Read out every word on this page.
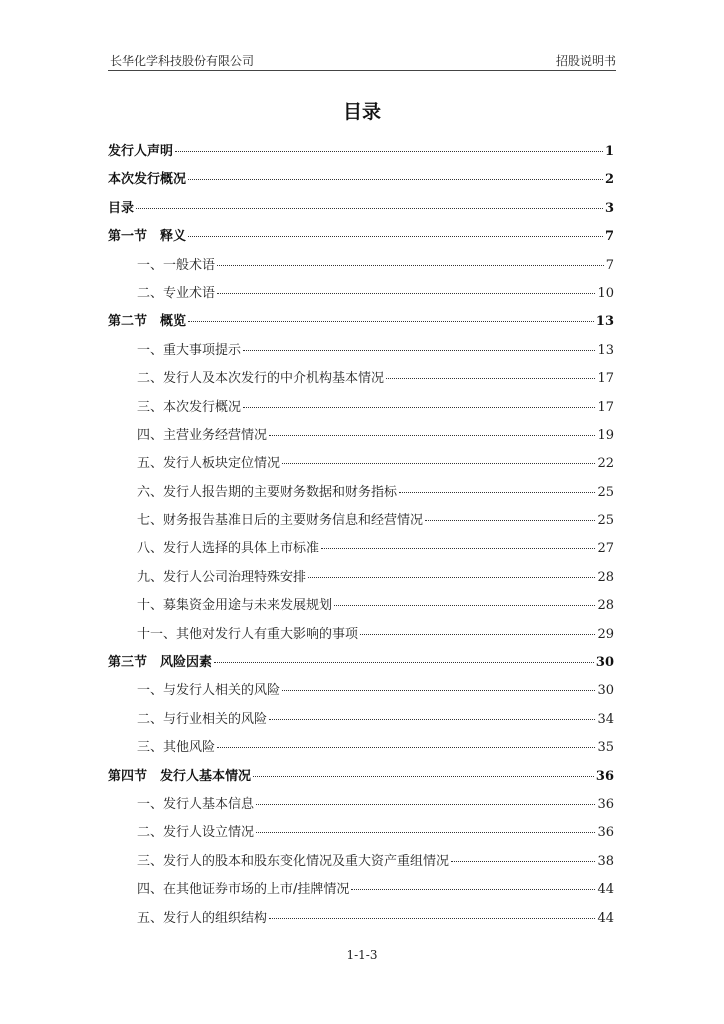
长华化学科技股份有限公司	招股说明书
目录
发行人声明	1
本次发行概况	2
目录	3
第一节　释义	7
一、一般术语	7
二、专业术语	10
第二节　概览	13
一、重大事项提示	13
二、发行人及本次发行的中介机构基本情况	17
三、本次发行概况	17
四、主营业务经营情况	19
五、发行人板块定位情况	22
六、发行人报告期的主要财务数据和财务指标	25
七、财务报告基准日后的主要财务信息和经营情况	25
八、发行人选择的具体上市标准	27
九、发行人公司治理特殊安排	28
十、募集资金用途与未来发展规划	28
十一、其他对发行人有重大影响的事项	29
第三节　风险因素	30
一、与发行人相关的风险	30
二、与行业相关的风险	34
三、其他风险	35
第四节　发行人基本情况	36
一、发行人基本信息	36
二、发行人设立情况	36
三、发行人的股本和股东变化情况及重大资产重组情况	38
四、在其他证券市场的上市/挂牌情况	44
五、发行人的组织结构	44
1-1-3
